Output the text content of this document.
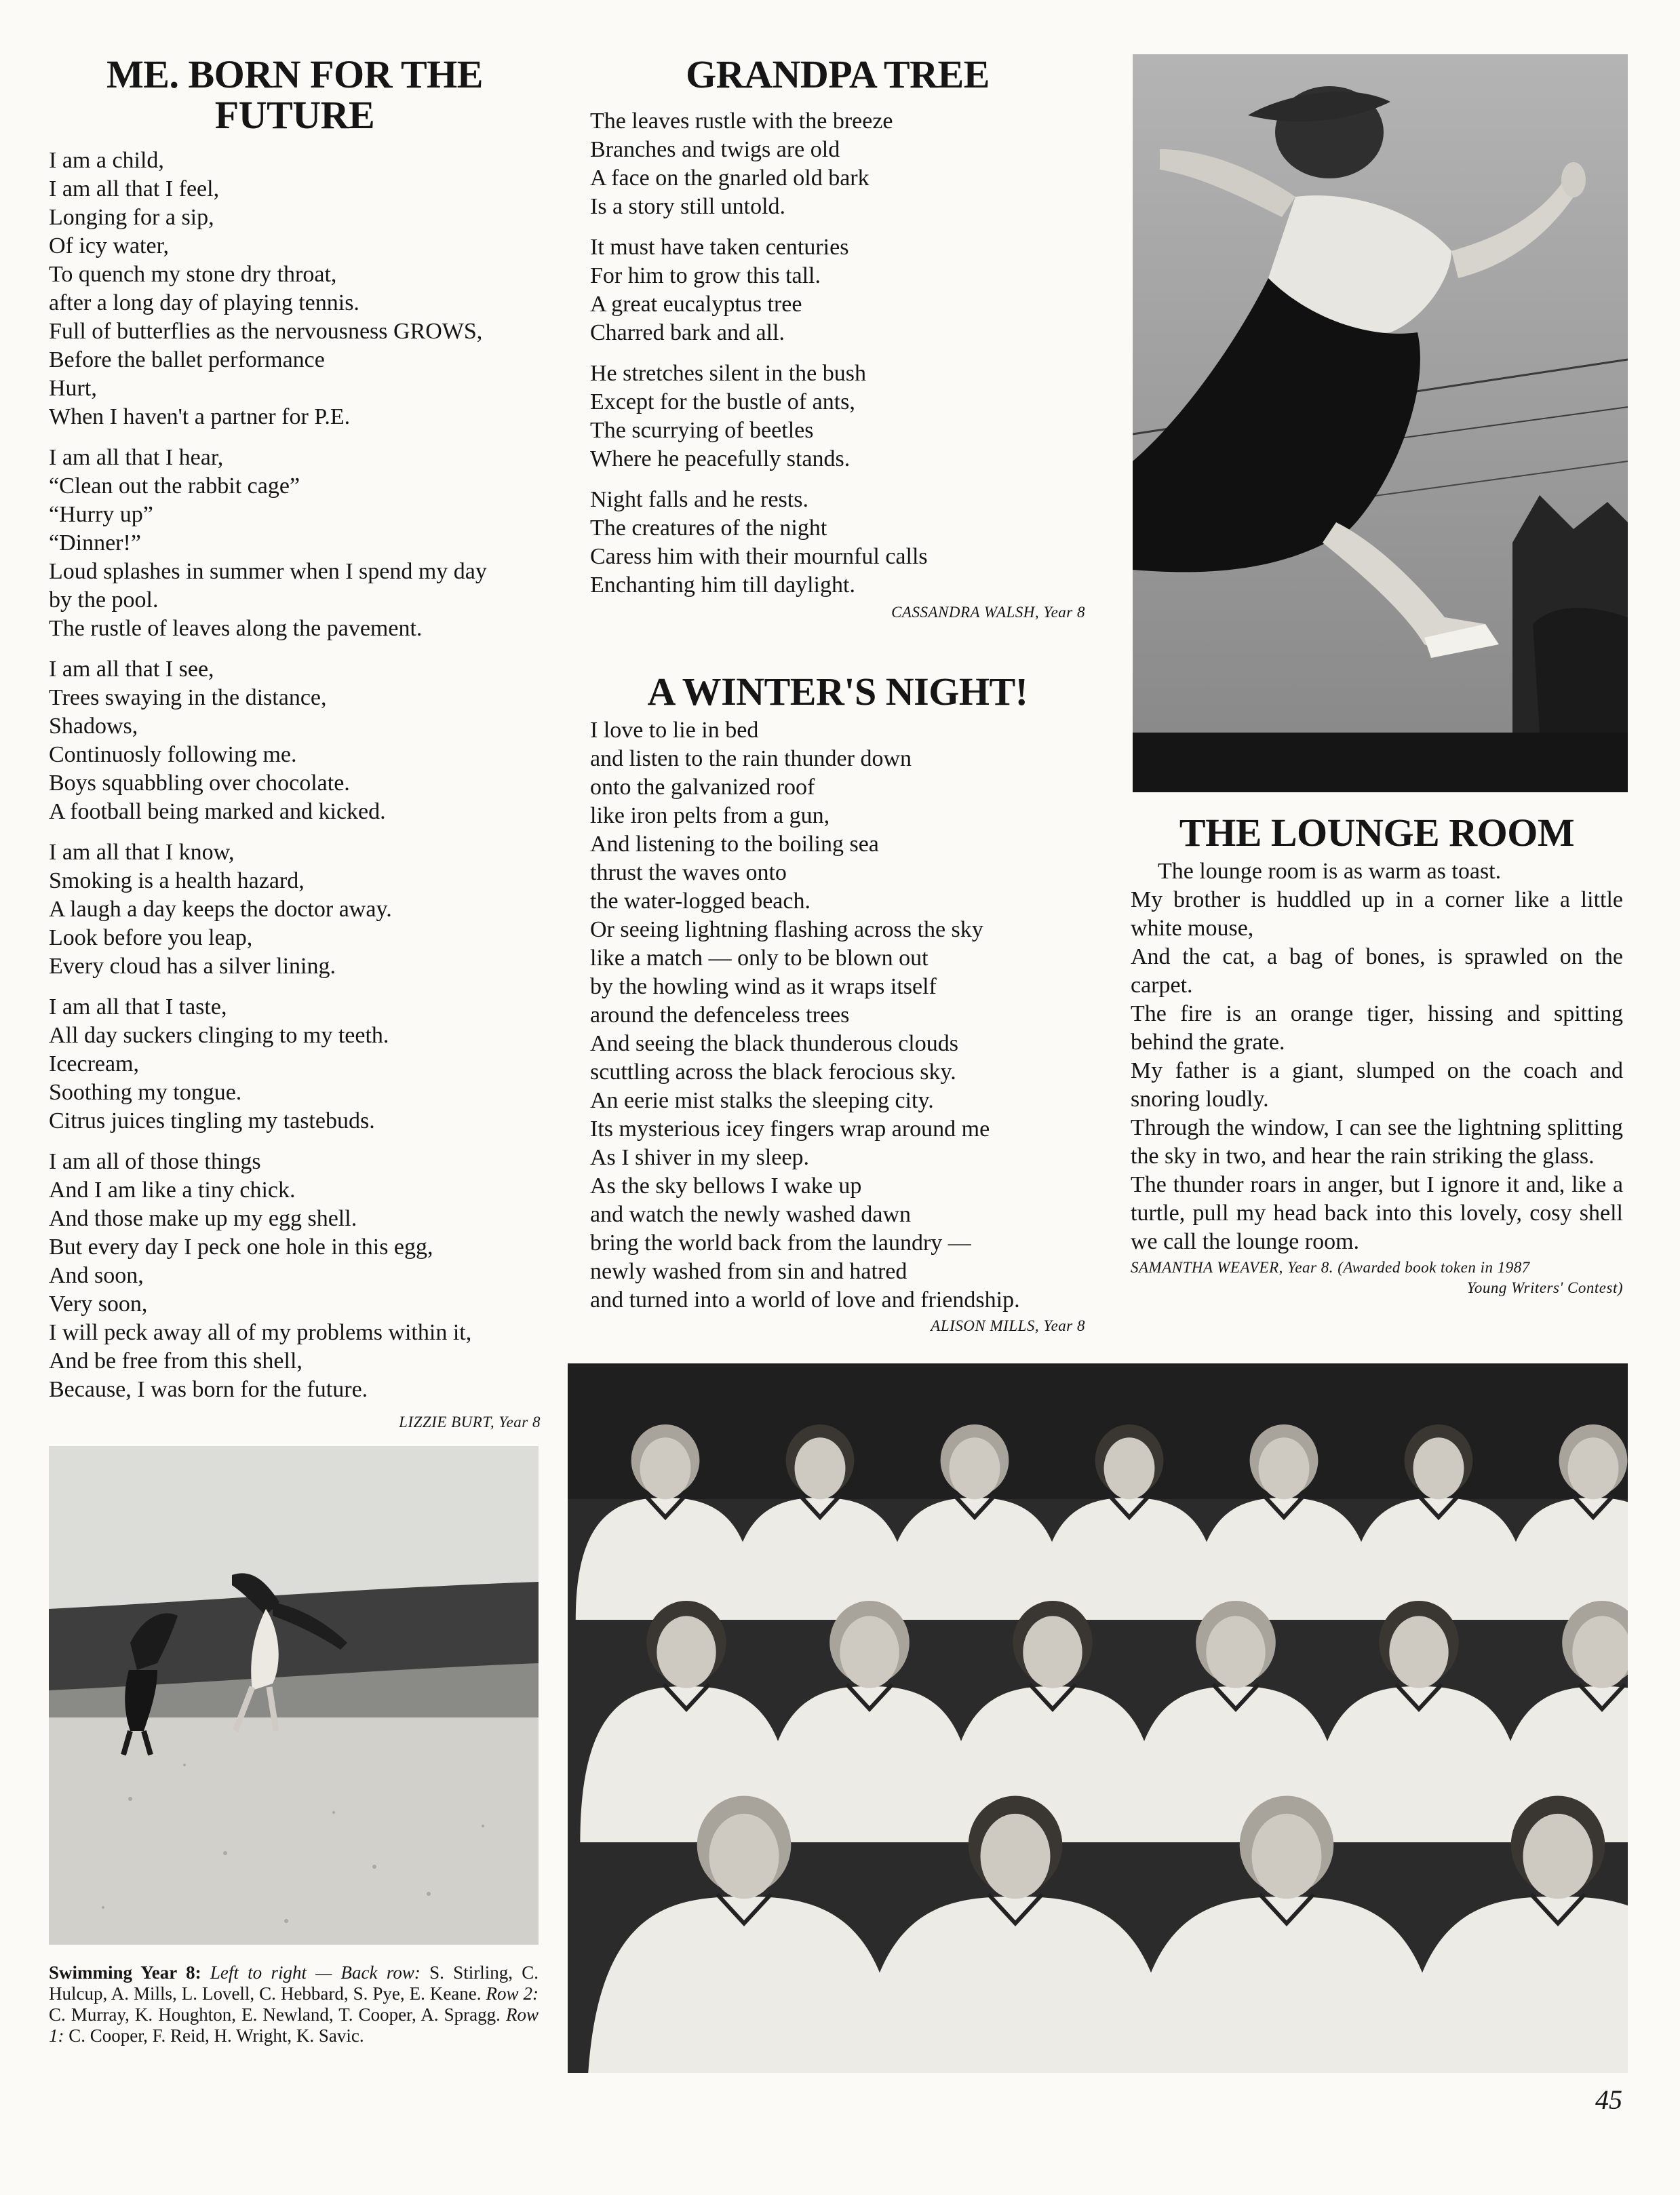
ME. BORN FOR THE FUTURE
I am a child,
I am all that I feel,
Longing for a sip,
Of icy water,
To quench my stone dry throat,
after a long day of playing tennis.
Full of butterflies as the nervousness GROWS,
Before the ballet performance
Hurt,
When I haven't a partner for P.E.
I am all that I hear,
“Clean out the rabbit cage”
“Hurry up”
“Dinner!”
Loud splashes in summer when I spend my day
by the pool.
The rustle of leaves along the pavement.
I am all that I see,
Trees swaying in the distance,
Shadows,
Continuosly following me.
Boys squabbling over chocolate.
A football being marked and kicked.
I am all that I know,
Smoking is a health hazard,
A laugh a day keeps the doctor away.
Look before you leap,
Every cloud has a silver lining.
I am all that I taste,
All day suckers clinging to my teeth.
Icecream,
Soothing my tongue.
Citrus juices tingling my tastebuds.
I am all of those things
And I am like a tiny chick.
And those make up my egg shell.
But every day I peck one hole in this egg,
And soon,
Very soon,
I will peck away all of my problems within it,
And be free from this shell,
Because, I was born for the future.
LIZZIE BURT, Year 8
GRANDPA TREE
The leaves rustle with the breeze
Branches and twigs are old
A face on the gnarled old bark
Is a story still untold.
It must have taken centuries
For him to grow this tall.
A great eucalyptus tree
Charred bark and all.
He stretches silent in the bush
Except for the bustle of ants,
The scurrying of beetles
Where he peacefully stands.
Night falls and he rests.
The creatures of the night
Caress him with their mournful calls
Enchanting him till daylight.
CASSANDRA WALSH, Year 8
A WINTER'S NIGHT!
I love to lie in bed
and listen to the rain thunder down
onto the galvanized roof
like iron pelts from a gun,
And listening to the boiling sea
thrust the waves onto
the water-logged beach.
Or seeing lightning flashing across the sky
like a match — only to be blown out
by the howling wind as it wraps itself
around the defenceless trees
And seeing the black thunderous clouds
scuttling across the black ferocious sky.
An eerie mist stalks the sleeping city.
Its mysterious icey fingers wrap around me
As I shiver in my sleep.
As the sky bellows I wake up
and watch the newly washed dawn
bring the world back from the laundry —
newly washed from sin and hatred
and turned into a world of love and friendship.
ALISON MILLS, Year 8
THE LOUNGE ROOM

The lounge room is as warm as toast.

My brother is huddled up in a corner like a little white mouse,

And the cat, a bag of bones, is sprawled on the carpet.

The fire is an orange tiger, hissing and spitting behind the grate.

My father is a giant, slumped on the coach and snoring loudly.

Through the window, I can see the lightning splitting the sky in two, and hear the rain striking the glass.

The thunder roars in anger, but I ignore it and, like a turtle, pull my head back into this lovely, cosy shell we call the lounge room.

SAMANTHA WEAVER, Year 8. (Awarded book token in 1987
Young Writers' Contest)
Swimming Year 8: Left to right — Back row: S. Stirling, C. Hulcup, A. Mills, L. Lovell, C. Hebbard, S. Pye, E. Keane. Row 2: C. Murray, K. Houghton, E. Newland, T. Cooper, A. Spragg. Row 1: C. Cooper, F. Reid, H. Wright, K. Savic.
45
